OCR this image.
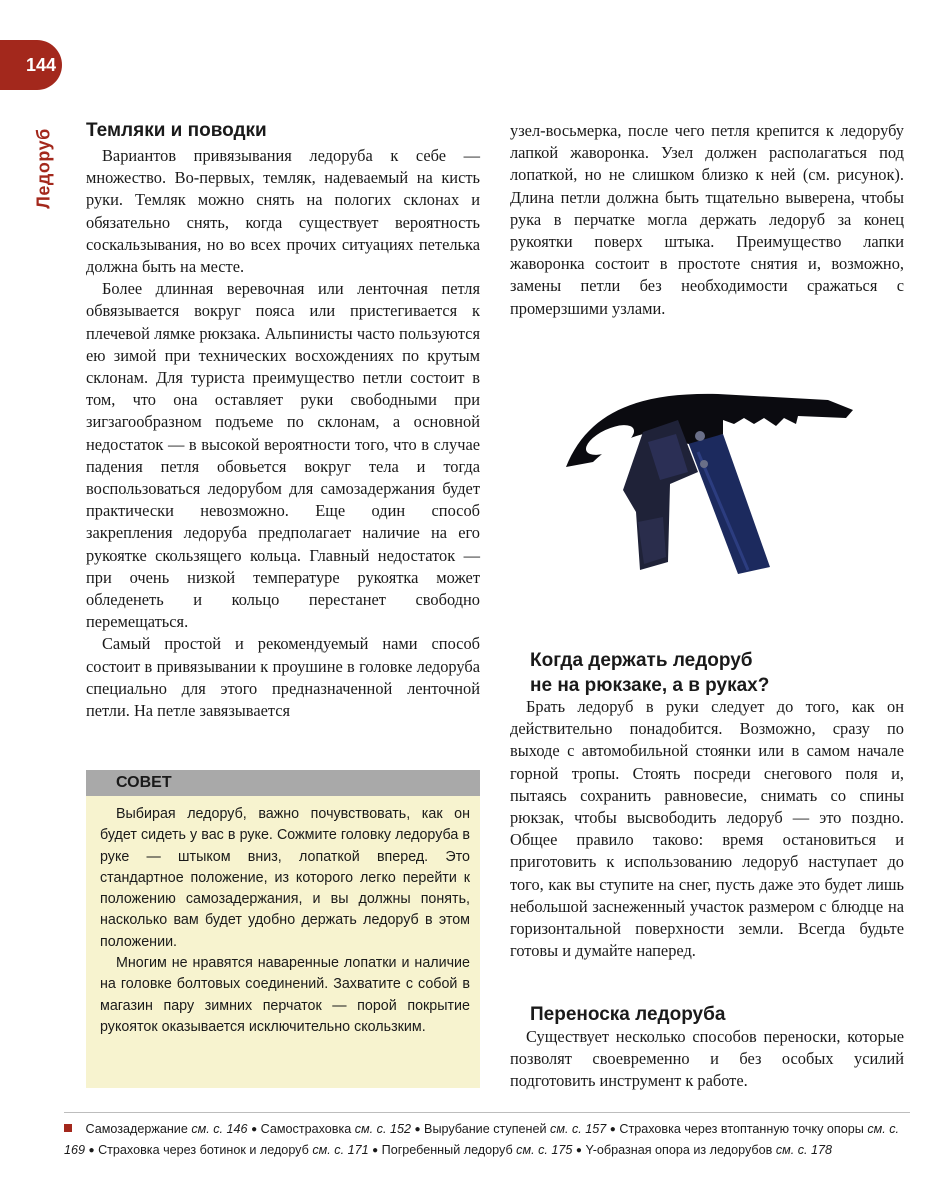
144
Ледоруб Темляки и поводки

Вариантов привязывания ледоруба к себе — множество. Во-первых, темляк, надеваемый на кисть руки. Темляк можно снять на пологих склонах и обязательно снять, когда существует вероятность соскальзывания, но во всех прочих ситуациях петелька должна быть на месте.

Более длинная веревочная или ленточная петля обвязывается вокруг пояса или пристегивается к плечевой лямке рюкзака. Альпинисты часто пользуются ею зимой при технических восхождениях по крутым склонам. Для туриста преимущество петли состоит в том, что она оставляет руки свободными при зигзагообразном подъеме по склонам, а основной недостаток — в высокой вероятности того, что в случае падения петля обовьется вокруг тела и тогда воспользоваться ледорубом для самозадержания будет практически невозможно. Еще один способ закрепления ледоруба предполагает наличие на его рукоятке скользящего кольца. Главный недостаток — при очень низкой температуре рукоятка может обледенеть и кольцо перестанет свободно перемещаться.

Самый простой и рекомендуемый нами способ состоит в привязывании к проушине в головке ледоруба специально для этого предназначенной ленточной петли. На петле завязывается

СОВЕТ

Выбирая ледоруб, важно почувствовать, как он будет сидеть у вас в руке. Сожмите головку ледоруба в руке — штыком вниз, лопаткой вперед. Это стандартное положение, из которого легко перейти к положению самозадержания, и вы должны понять, насколько вам будет удобно держать ледоруб в этом положении.

Многим не нравятся наваренные лопатки и наличие на головке болтовых соединений. Захватите с собой в магазин пару зимних перчаток — порой покрытие рукояток оказывается исключительно скользким.

узел-восьмерка, после чего петля крепится к ледорубу лапкой жаворонка. Узел должен располагаться под лопаткой, но не слишком близко к ней (см. рисунок). Длина петли должна быть тщательно выверена, чтобы рука в перчатке могла держать ледоруб за конец рукоятки поверх штыка. Преимущество лапки жаворонка состоит в простоте снятия и, возможно, замены петли без необходимости сражаться с промерзшими узлами.

Когда держать ледоруб
не на рюкзаке, а в руках?

Брать ледоруб в руки следует до того, как он действительно понадобится. Возможно, сразу по выходе с автомобильной стоянки или в самом начале горной тропы. Стоять посреди снегового поля и, пытаясь сохранить равновесие, снимать со спины рюкзак, чтобы высвободить ледоруб — это поздно. Общее правило таково: время остановиться и приготовить к использованию ледоруб наступает до того, как вы ступите на снег, пусть даже это будет лишь небольшой заснеженный участок размером с блюдце на горизонтальной поверхности земли. Всегда будьте готовы и думайте наперед.

Переноска ледоруба

Существует несколько способов переноски, которые позволят своевременно и без особых усилий подготовить инструмент к работе.

Самозадержание см. с. 146 ● Самостраховка см. с. 152 ● Вырубание ступеней см. с. 157 ● Страховка через втоптанную точку опоры см. с. 169 ● Страховка через ботинок и ледоруб см. с. 171 ● Погребенный ледоруб см. с. 175 ● Y-образная опора из ледорубов см. с. 178
